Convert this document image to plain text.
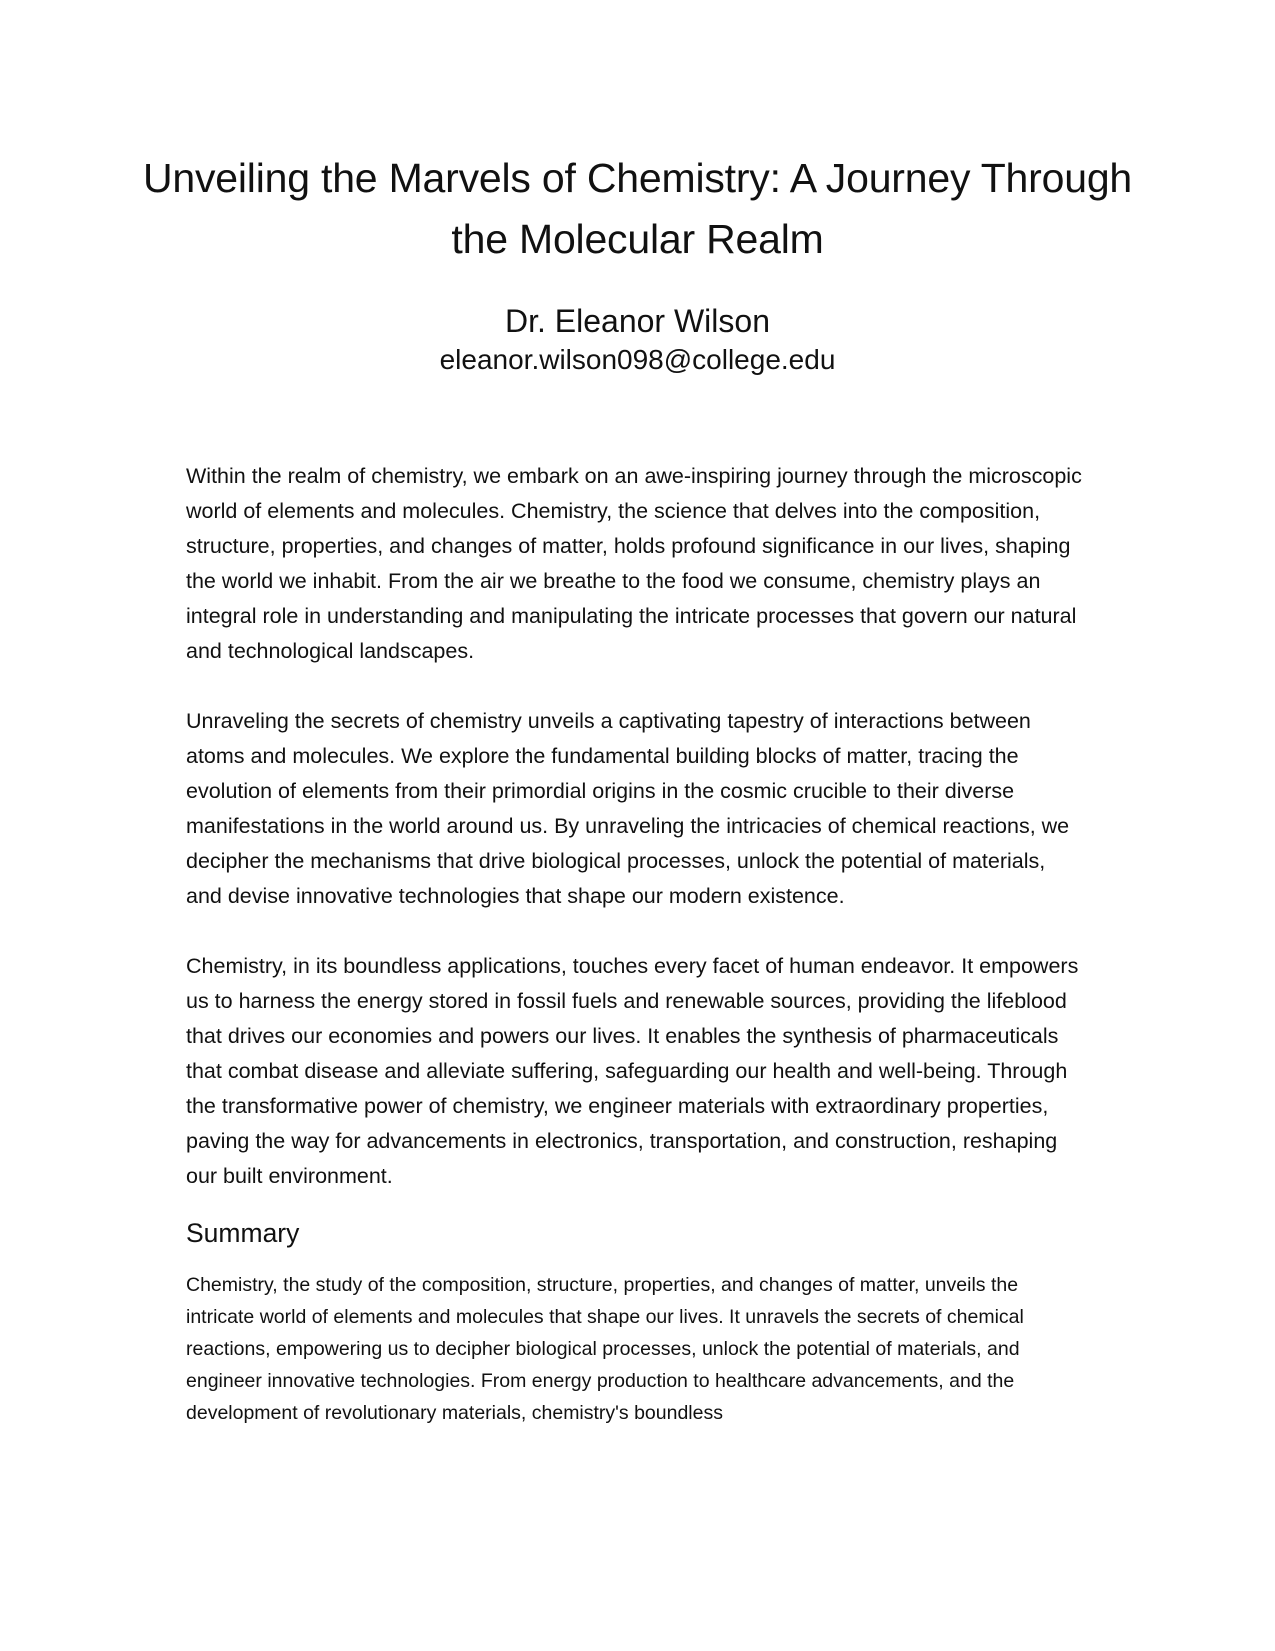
Unveiling the Marvels of Chemistry: A Journey Through the Molecular Realm
Dr. Eleanor Wilson
eleanor.wilson098@college.edu

Within the realm of chemistry, we embark on an awe-inspiring journey through the microscopic world of elements and molecules. Chemistry, the science that delves into the composition, structure, properties, and changes of matter, holds profound significance in our lives, shaping the world we inhabit. From the air we breathe to the food we consume, chemistry plays an integral role in understanding and manipulating the intricate processes that govern our natural and technological landscapes.

Unraveling the secrets of chemistry unveils a captivating tapestry of interactions between atoms and molecules. We explore the fundamental building blocks of matter, tracing the evolution of elements from their primordial origins in the cosmic crucible to their diverse manifestations in the world around us. By unraveling the intricacies of chemical reactions, we decipher the mechanisms that drive biological processes, unlock the potential of materials, and devise innovative technologies that shape our modern existence.

Chemistry, in its boundless applications, touches every facet of human endeavor. It empowers us to harness the energy stored in fossil fuels and renewable sources, providing the lifeblood that drives our economies and powers our lives. It enables the synthesis of pharmaceuticals that combat disease and alleviate suffering, safeguarding our health and well-being. Through the transformative power of chemistry, we engineer materials with extraordinary properties, paving the way for advancements in electronics, transportation, and construction, reshaping our built environment.

Summary

Chemistry, the study of the composition, structure, properties, and changes of matter, unveils the intricate world of elements and molecules that shape our lives. It unravels the secrets of chemical reactions, empowering us to decipher biological processes, unlock the potential of materials, and engineer innovative technologies. From energy production to healthcare advancements, and the development of revolutionary materials, chemistry's boundless
